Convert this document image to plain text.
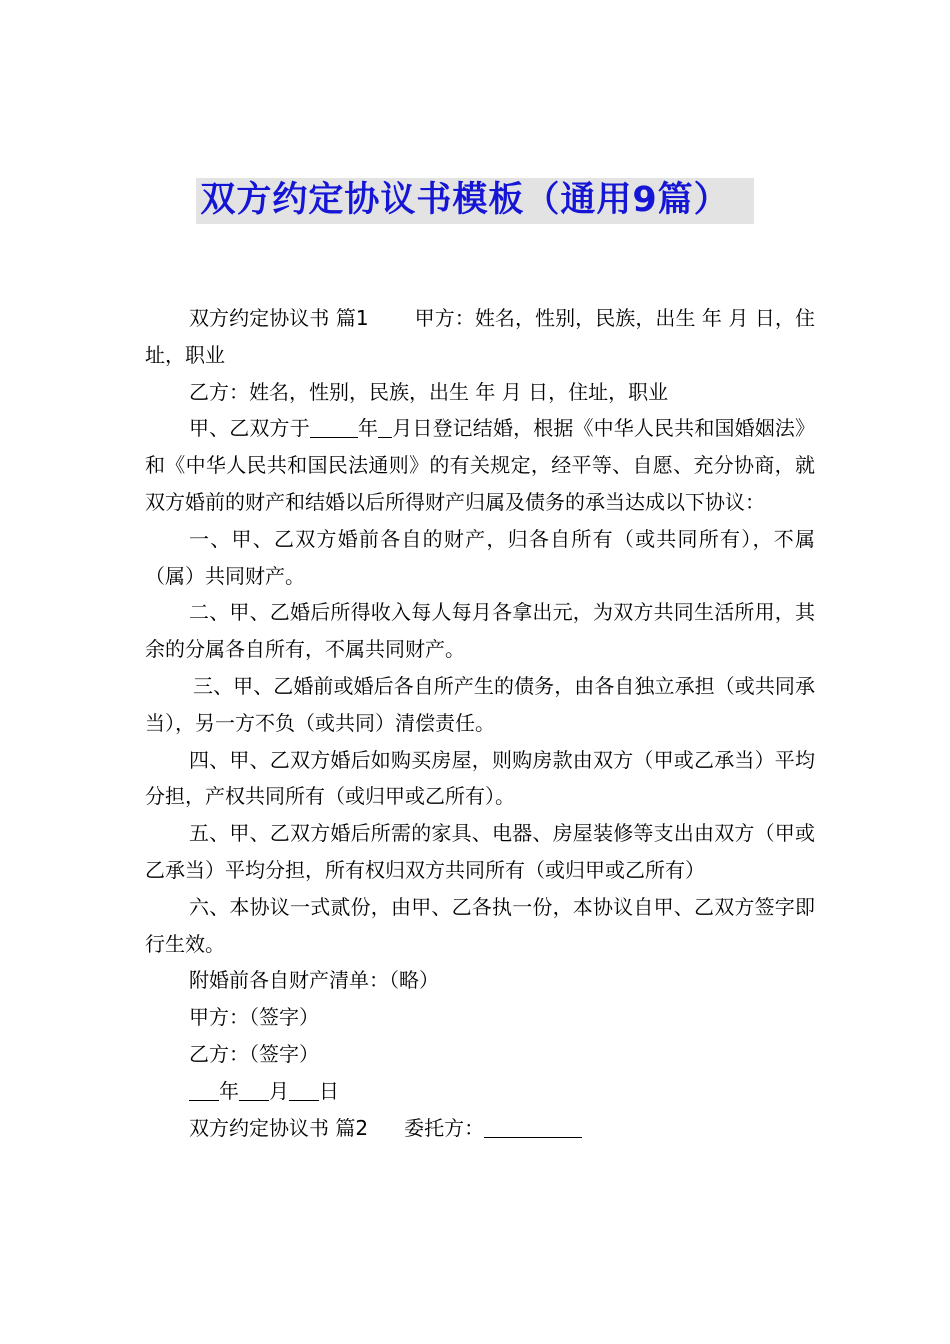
双方约定协议书模板（通用9篇）

双方约定协议书 篇1 甲方：姓名，性别，民族，出生 年 月 日，住址，职业

乙方：姓名，性别，民族，出生 年 月 日，住址，职业

甲、乙双方于 年 月日登记结婚，根据《中华人民共和国婚姻法》和《中华人民共和国民法通则》的有关规定，经平等、自愿、充分协商，就双方婚前的财产和结婚以后所得财产归属及债务的承当达成以下协议：

一、甲、乙双方婚前各自的财产，归各自所有（或共同所有），不属（属）共同财产。

二、甲、乙婚后所得收入每人每月各拿出元，为双方共同生活所用，其余的分属各自所有，不属共同财产。

三、甲、乙婚前或婚后各自所产生的债务，由各自独立承担（或共同承当），另一方不负（或共同）清偿责任。

四、甲、乙双方婚后如购买房屋，则购房款由双方（甲或乙承当）平均分担，产权共同所有（或归甲或乙所有）。

五、甲、乙双方婚后所需的家具、电器、房屋装修等支出由双方（甲或乙承当）平均分担，所有权归双方共同所有（或归甲或乙所有）

六、本协议一式贰份，由甲、乙各执一份，本协议自甲、乙双方签字即行生效。

附婚前各自财产清单：（略）

甲方：（签字）

乙方：（签字）

年 月 日

双方约定协议书 篇2 委托方：
